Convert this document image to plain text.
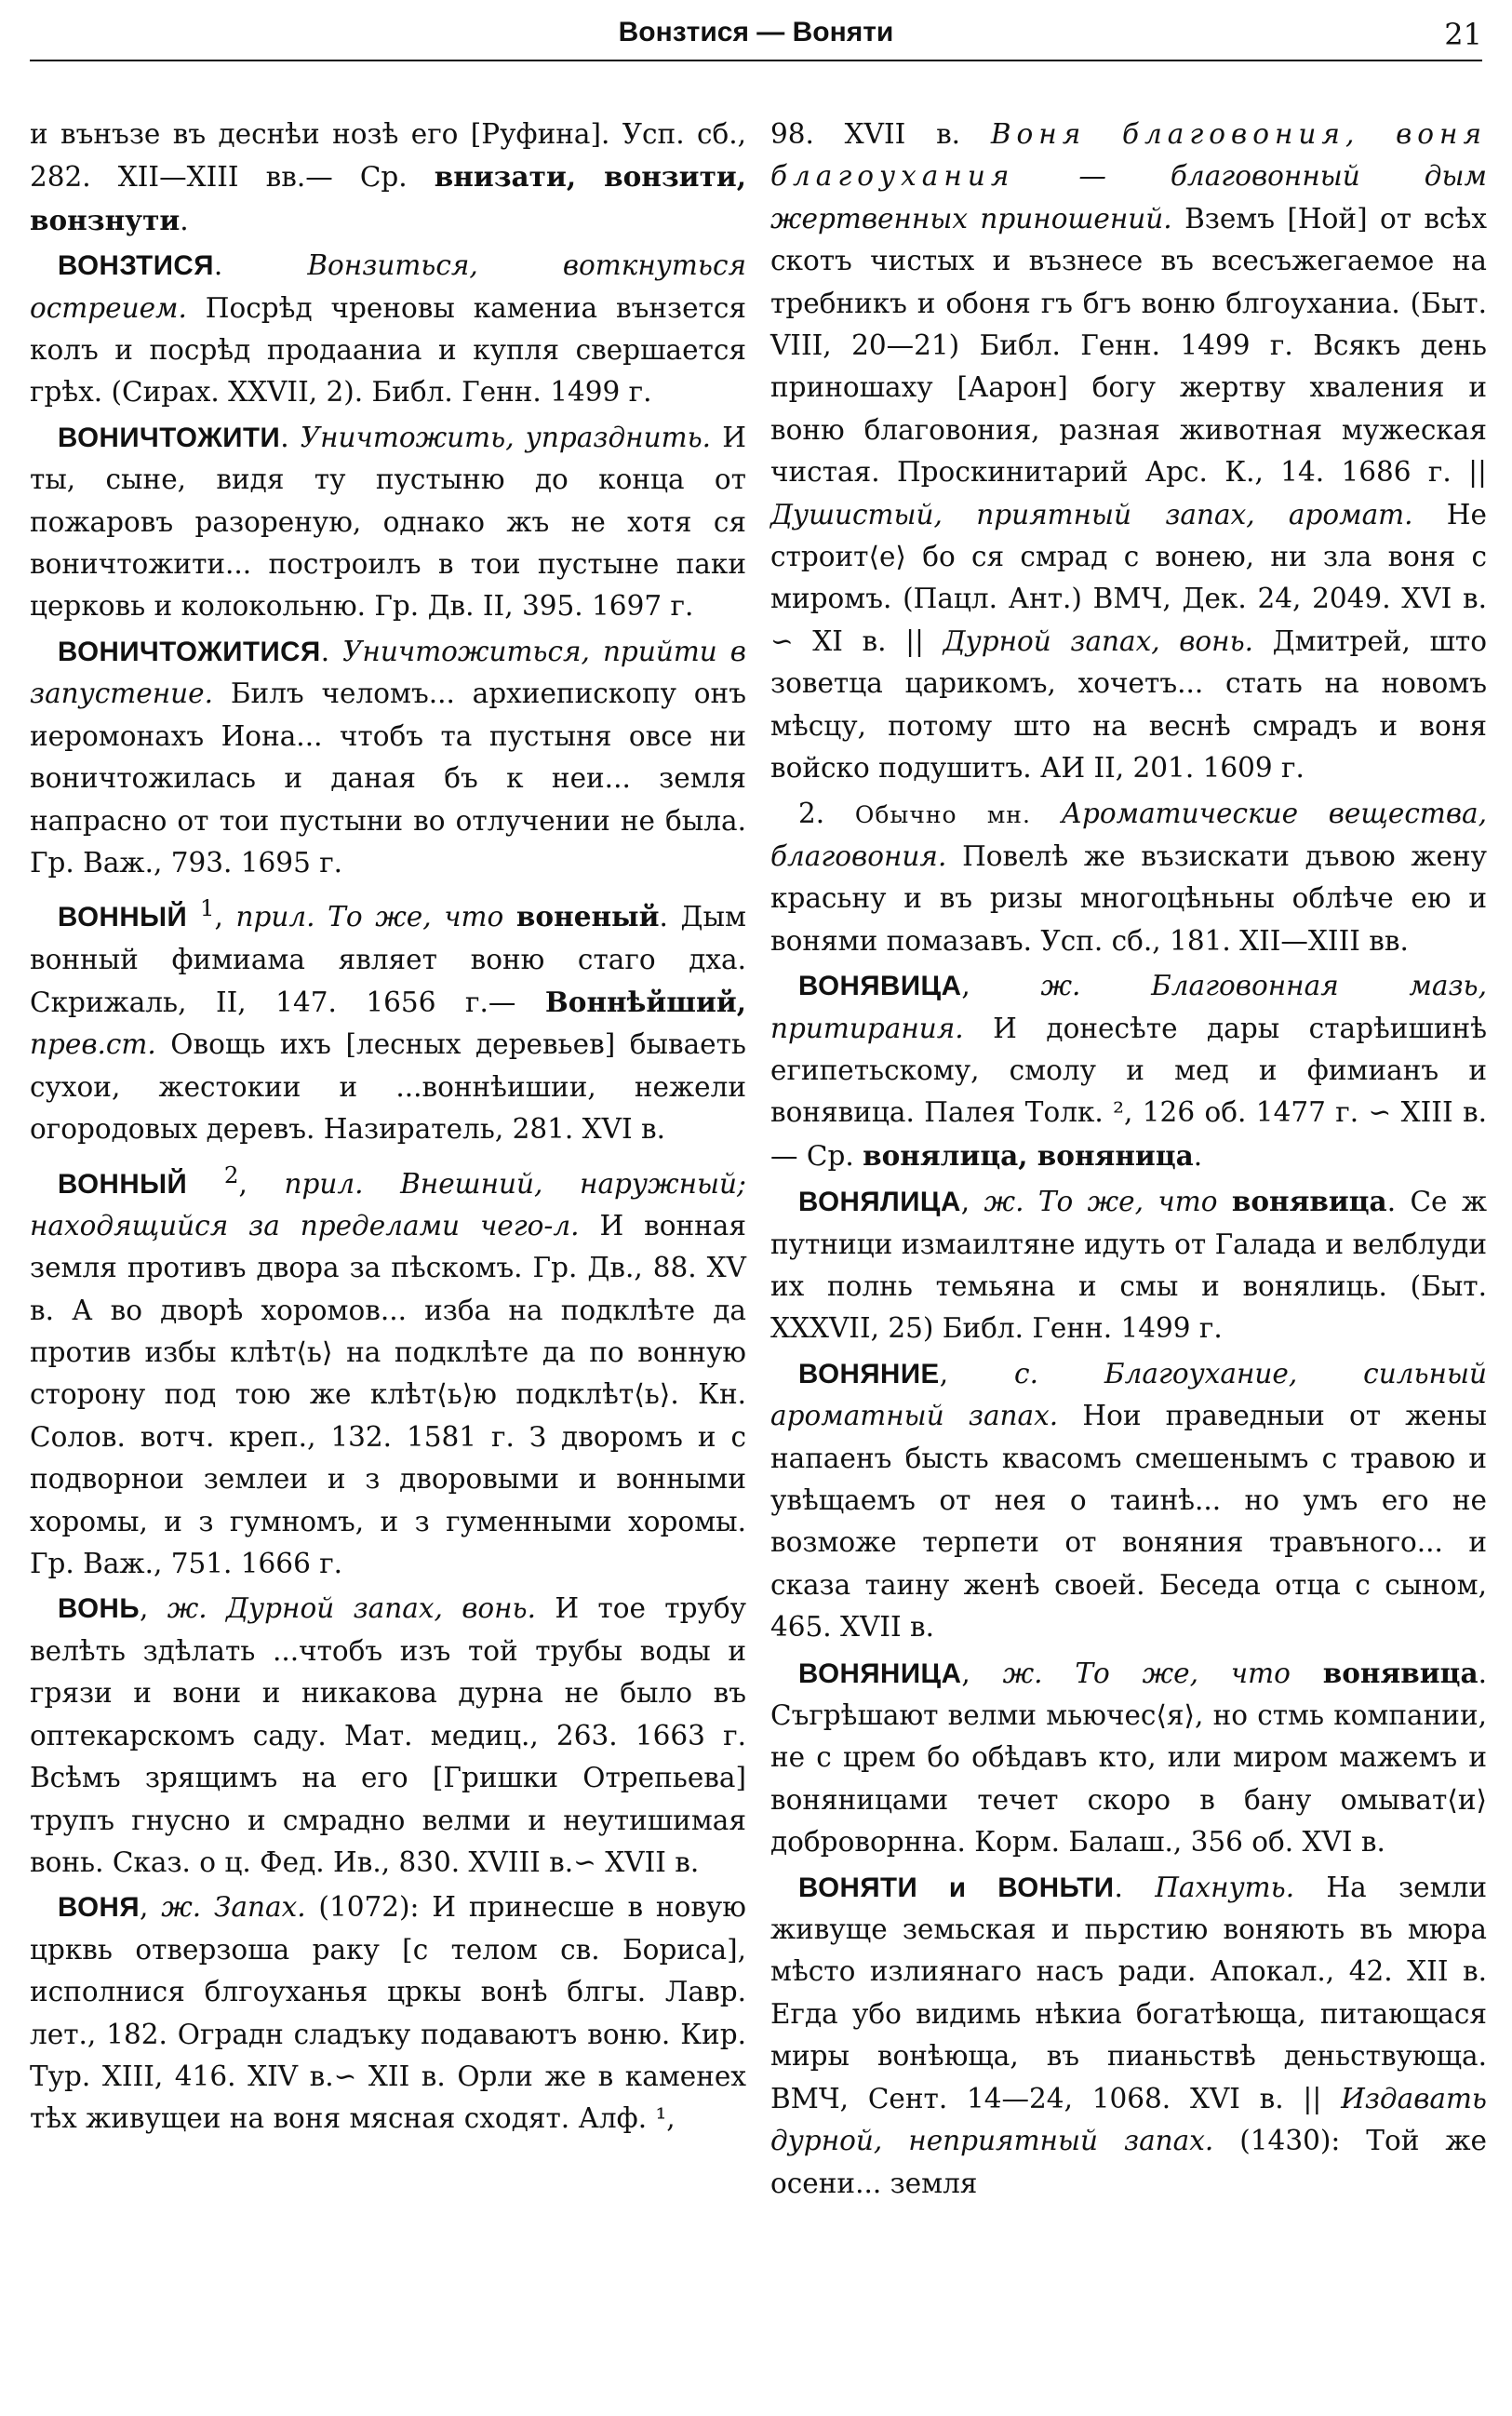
Вонзтися — Воняти	21

и вънъзе въ деснѣи нозѣ его [Руфина]. Усп. сб., 282. XII—XIII вв.— Ср. внизати, вонзити, вонзнути.

ВОНЗТИСЯ. Вонзиться, воткнуться остреием. Посрѣд чреновы камениа вънзется колъ и посрѣд продааниа и купля свершается грѣх. (Сирах. XXVII, 2). Библ. Генн. 1499 г.

ВОНИЧТОЖИТИ. Уничтожить, упразднить. И ты, сыне, видя ту пустыню до конца от пожаровъ разореную, однако жъ не хотя ся воничтожити... построилъ в тои пустыне паки церковь и колокольню. Гр. Дв. II, 395. 1697 г.

ВОНИЧТОЖИТИСЯ. Уничтожиться, прийти в запустение. Билъ челомъ... архиепископу онъ иеромонахъ Иона... чтобъ та пустыня овсе ни воничтожилась и даная бъ к неи... земля напрасно от тои пустыни во отлучении не была. Гр. Важ., 793. 1695 г.

ВОННЫЙ $^1$, прил. То же, что воненый. Дым вонный фимиама являет воню стаго дха. Скрижаль, II, 147. 1656 г.— Воннѣйший, прев.ст. Овощь ихъ [лесных деревьев] бываеть сухои, жестокии и ...воннѣишии, нежели огородовых деревъ. Назиратель, 281. XVI в.

ВОННЫЙ $^2$, прил. Внешний, наружный; находящийся за пределами чего-л. И вонная земля противъ двора за пѣскомъ. Гр. Дв., 88. XV в. А во дворѣ хоромов... изба на подклѣте да против избы клѣт⟨ь⟩ на подклѣте да по вонную сторону под тою же клѣт⟨ь⟩ю подклѣт⟨ь⟩. Кн. Солов. вотч. креп., 132. 1581 г. З дворомъ и с подворнои землеи и з дворовыми и вонными хоромы, и з гумномъ, и з гуменными хоромы. Гр. Важ., 751. 1666 г.

ВОНЬ, ж. Дурной запах, вонь. И тое трубу велѣть здѣлать ...чтобъ изъ той трубы воды и грязи и вони и никакова дурна не было въ оптекарскомъ саду. Мат. медиц., 263. 1663 г. Всѣмъ зрящимъ на его [Гришки Отрепьева] трупъ гнусно и смрадно велми и неутишимая вонь. Сказ. о ц. Фед. Ив., 830. XVIII в.∽ XVII в.

ВОНЯ, ж. Запах. (1072): И принесше в новую црквь отверзоша раку [с телом св. Бориса], исполнися блгоуханья цркы вонѣ блгы. Лавр. лет., 182. Оградн сладъку подаваютъ воню. Кир. Тур. XIII, 416. XIV в.∽ XII в. Орли же в каменех тѣх живущеи на воня мясная сходят. Алф. ¹,

98. XVII в. Воня благовония, воня благоухания — благовонный дым жертвенных приношений. Вземъ [Ной] от всѣх скотъ чистых и възнесе въ всесъжегаемое на требникъ и обоня гъ бгъ воню блгоуханиа. (Быт. VIII, 20—21) Библ. Генн. 1499 г. Всякъ день приношаху [Аарон] богу жертву хваления и воню благовония, разная животная мужеская чистая. Проскинитарий Арс. К., 14. 1686 г. || Душистый, приятный запах, аромат. Не строит⟨е⟩ бо ся смрад с вонею, ни зла воня с миромъ. (Пацл. Ант.) ВМЧ, Дек. 24, 2049. XVI в. ∽ XI в. || Дурной запах, вонь. Дмитрей, што зоветца царикомъ, хочетъ... стать на новомъ мѣсцу, потому што на веснѣ смрадъ и воня войско подушитъ. АИ II, 201. 1609 г.

2. Обычно мн. Ароматические вещества, благовония. Повелѣ же възискати дъвою жену красьну и въ ризы многоцѣньны облѣче ею и вонями помазавъ. Усп. сб., 181. XII—XIII вв.

ВОНЯВИЦА, ж.	Благовонная мазь, притирания. И донесѣте дары старѣишинѣ египетьскому, смолу и мед и фимианъ и вонявица. Палея Толк. ², 126 об. 1477 г. ∽ XIII в.— Ср. вонялица, воняница.

ВОНЯЛИЦА, ж. То же, что вонявица. Се ж путници измаилтяне идуть от Галада и велблуди их полнь темьяна и смы и вонялиць. (Быт. XXXVII, 25) Библ. Генн. 1499 г.

ВОНЯНИЕ, с. Благоухание, сильный ароматный запах. Нои праведныи от жены напаенъ бысть квасомъ смешенымъ с травою и увѣщаемъ от нея о таинѣ... но умъ его не возможе терпети от воняния травъного... и сказа таину женѣ своей. Беседа отца с сыном, 465. XVII в.

ВОНЯНИЦА, ж. То же, что вонявица. Съгрѣшают велми мьючес⟨я⟩, но стмь компании, не с црем бо обѣдавъ кто, или миром мажемъ и воняницами течет скоро в бану омыват⟨и⟩ доброворнна. Корм. Балаш., 356 об. XVI в.

ВОНЯТИ и ВОНЬТИ. Пахнуть. На земли живуще земьская и пьрстию воняють въ мюра мѣсто излиянаго насъ ради. Апокал., 42. XII в. Егда убо видимь нѣкиа богатѣюща, питающася миры вонѣюща, въ пианьствѣ деньствующа. ВМЧ, Сент. 14—24, 1068. XVI в. || Издавать дурной, неприятный запах. (1430): Той же осени... земля
